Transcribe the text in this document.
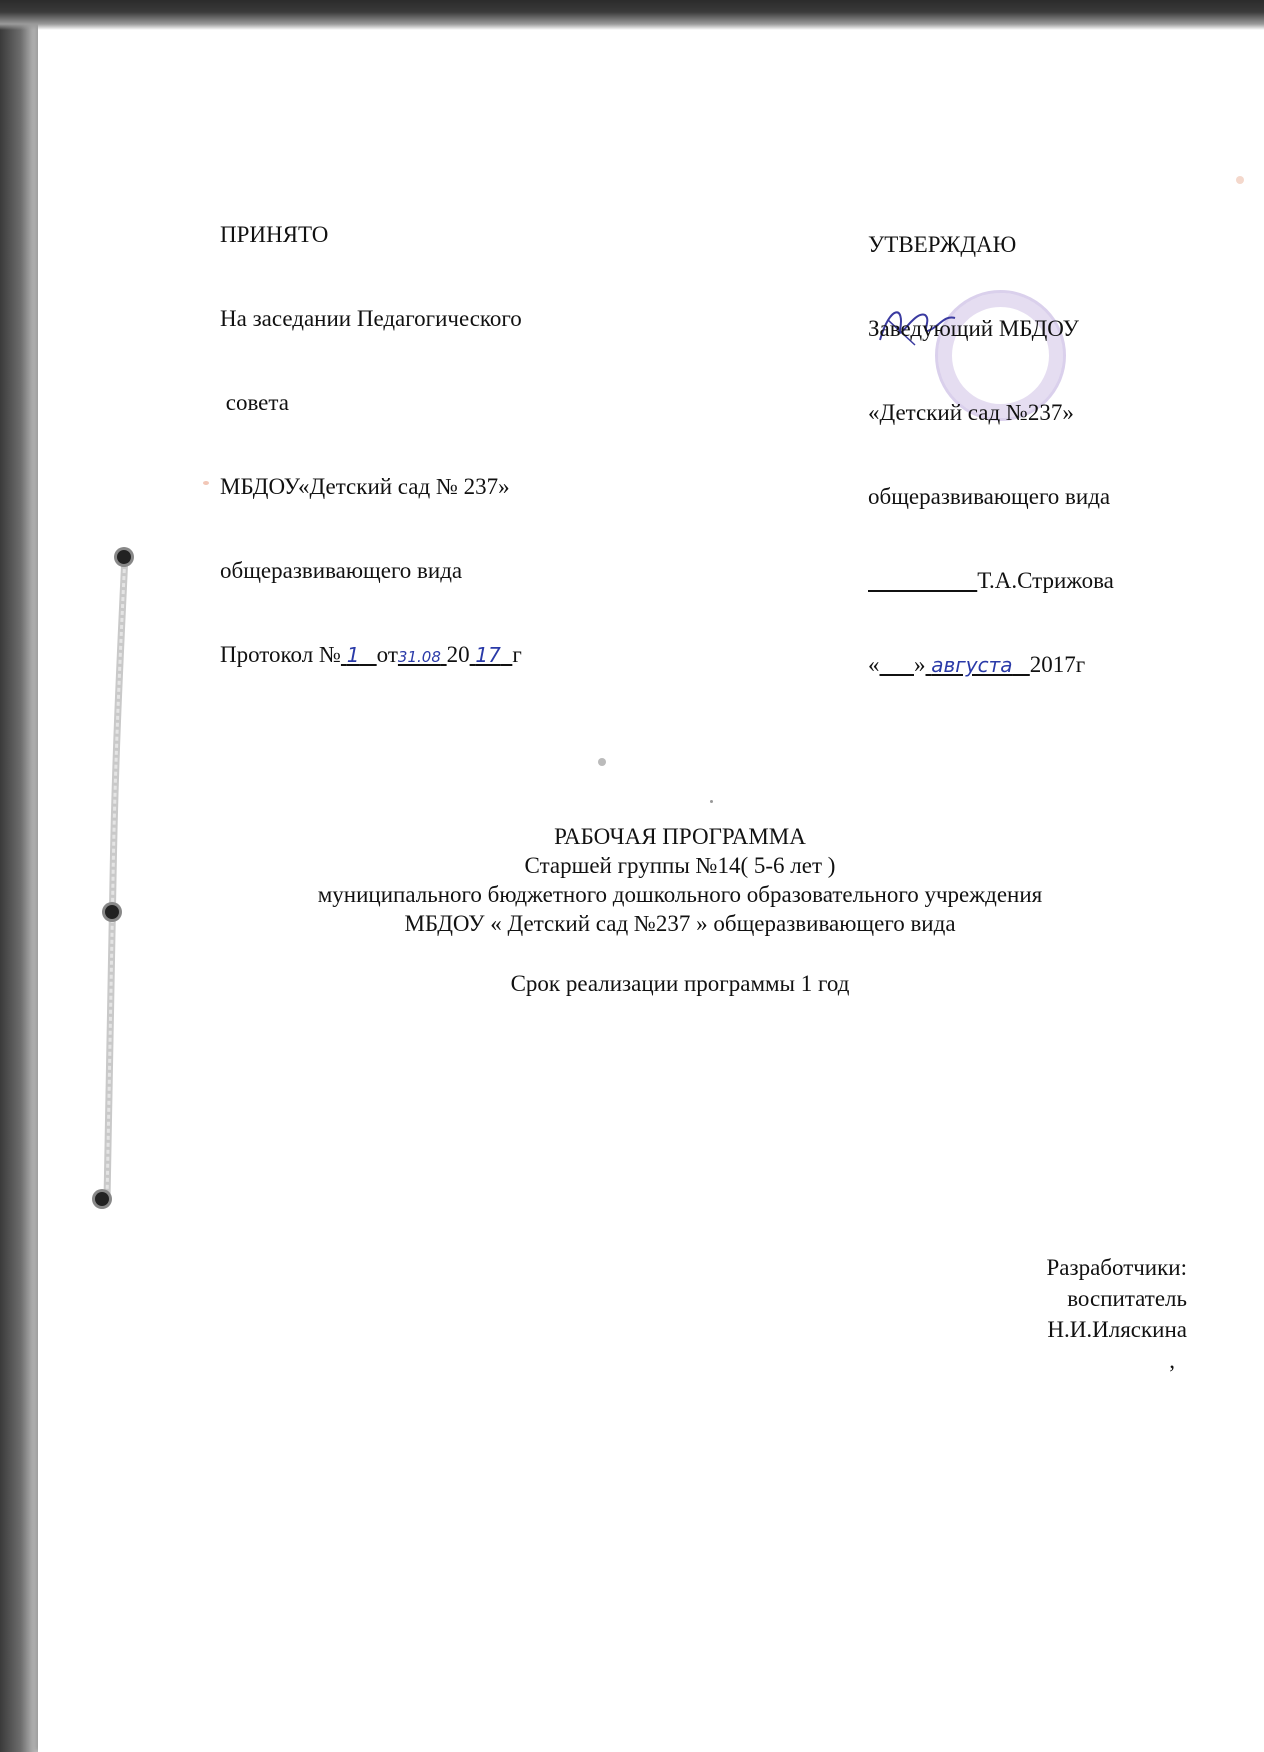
ПРИНЯТО

На заседании Педагогического

совета

МБДОУ«Детский сад № 237»

общеразвивающего вида

Протокол № 1 от31.08 20 17 г

УТВЕРЖДАЮ

Заведующий МБДОУ

«Детский сад №237»

общеразвивающего вида

Т.А.Стрижова

« » августа 2017г

РАБОЧАЯ ПРОГРАММА
Старшей группы №14( 5-6 лет )
муниципального бюджетного дошкольного образовательного учреждения
МБДОУ « Детский сад №237 » общеразвивающего вида
Срок реализации программы 1 год
Разработчики:
воспитатель
Н.И.Иляскина
,
